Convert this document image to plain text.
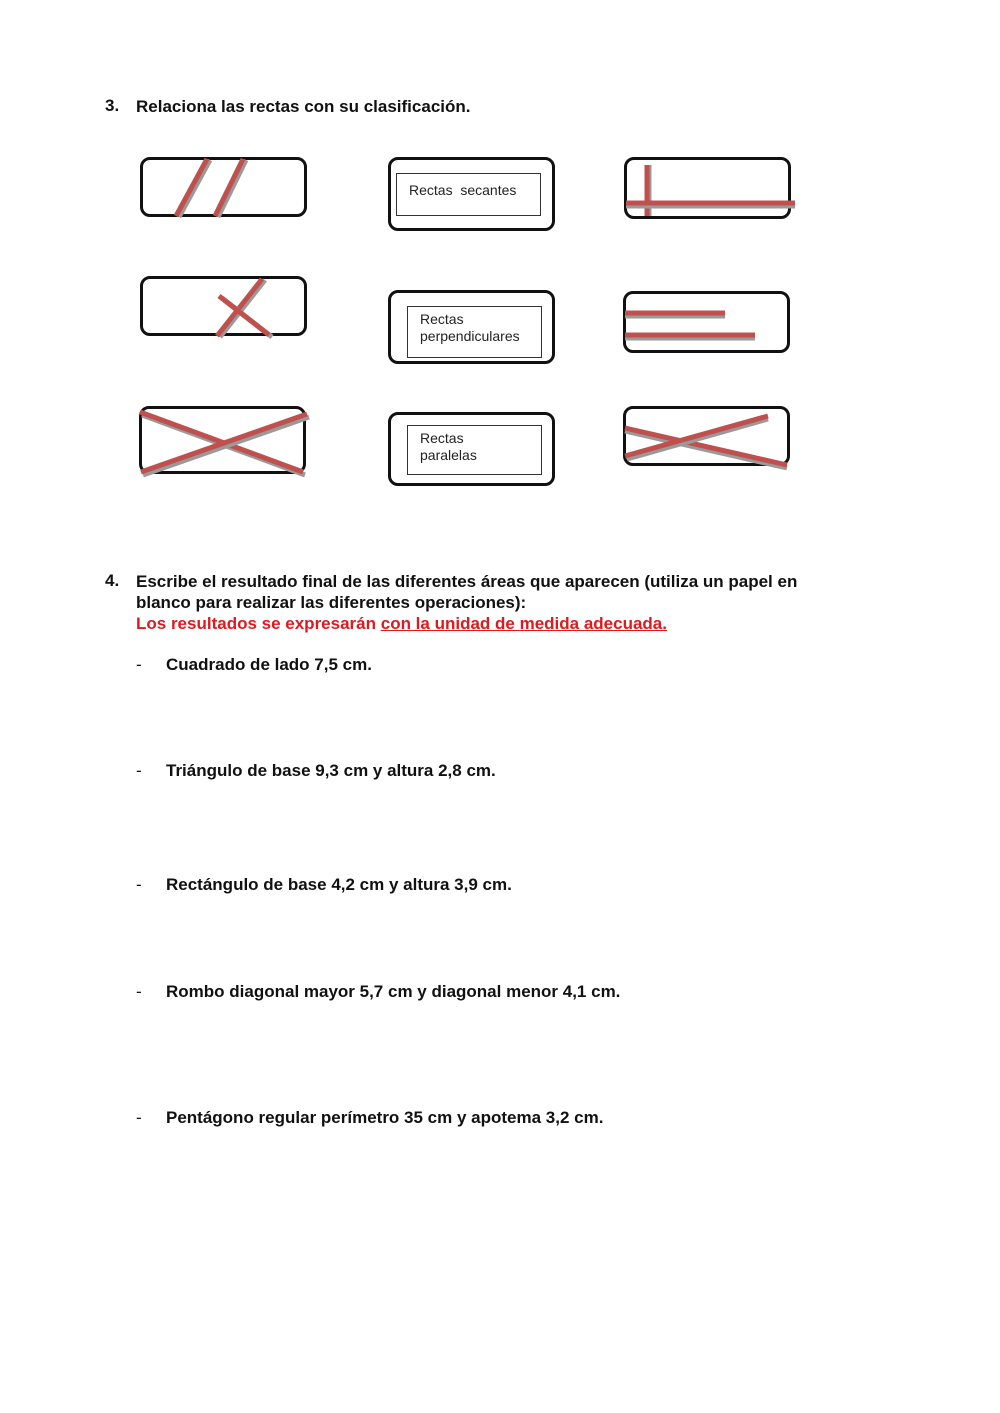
3. Relaciona las rectas con su clasificación.
Rectas  secantes
Rectas
perpendiculares
Rectas
paralelas
4. Escribe el resultado final de las diferentes áreas que aparecen (utiliza un papel en
blanco para realizar las diferentes operaciones):
Los resultados se expresarán con la unidad de medida adecuada.
- Cuadrado de lado 7,5 cm.
- Triángulo de base 9,3 cm y altura 2,8 cm.
- Rectángulo de base 4,2 cm y altura 3,9 cm.
- Rombo diagonal mayor 5,7 cm y diagonal menor 4,1 cm.
- Pentágono regular perímetro 35 cm y apotema 3,2 cm.
